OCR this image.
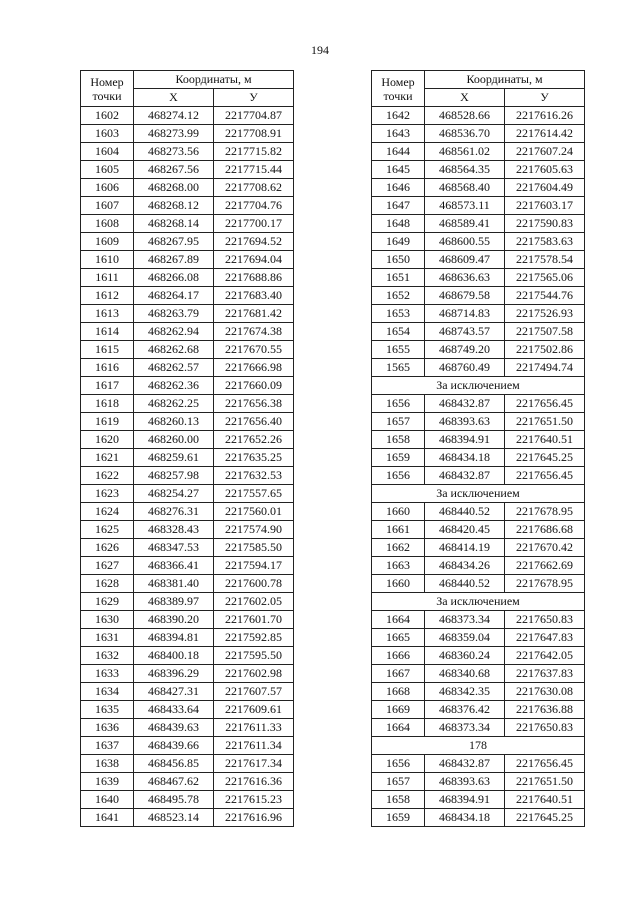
194
Номер
точки	Координаты, м	
	Х	У
1602	468274.12	2217704.87
1603	468273.99	2217708.91
1604	468273.56	2217715.82
1605	468267.56	2217715.44
1606	468268.00	2217708.62
1607	468268.12	2217704.76
1608	468268.14	2217700.17
1609	468267.95	2217694.52
1610	468267.89	2217694.04
1611	468266.08	2217688.86
1612	468264.17	2217683.40
1613	468263.79	2217681.42
1614	468262.94	2217674.38
1615	468262.68	2217670.55
1616	468262.57	2217666.98
1617	468262.36	2217660.09
1618	468262.25	2217656.38
1619	468260.13	2217656.40
1620	468260.00	2217652.26
1621	468259.61	2217635.25
1622	468257.98	2217632.53
1623	468254.27	2217557.65
1624	468276.31	2217560.01
1625	468328.43	2217574.90
1626	468347.53	2217585.50
1627	468366.41	2217594.17
1628	468381.40	2217600.78
1629	468389.97	2217602.05
1630	468390.20	2217601.70
1631	468394.81	2217592.85
1632	468400.18	2217595.50
1633	468396.29	2217602.98
1634	468427.31	2217607.57
1635	468433.64	2217609.61
1636	468439.63	2217611.33
1637	468439.66	2217611.34
1638	468456.85	2217617.34
1639	468467.62	2217616.36
1640	468495.78	2217615.23
1641	468523.14	2217616.96
Номер
точки	Координаты, м	
	Х	У
1642	468528.66	2217616.26
1643	468536.70	2217614.42
1644	468561.02	2217607.24
1645	468564.35	2217605.63
1646	468568.40	2217604.49
1647	468573.11	2217603.17
1648	468589.41	2217590.83
1649	468600.55	2217583.63
1650	468609.47	2217578.54
1651	468636.63	2217565.06
1652	468679.58	2217544.76
1653	468714.83	2217526.93
1654	468743.57	2217507.58
1655	468749.20	2217502.86
1565	468760.49	2217494.74
За исключением		
1656	468432.87	2217656.45
1657	468393.63	2217651.50
1658	468394.91	2217640.51
1659	468434.18	2217645.25
1656	468432.87	2217656.45
За исключением		
1660	468440.52	2217678.95
1661	468420.45	2217686.68
1662	468414.19	2217670.42
1663	468434.26	2217662.69
1660	468440.52	2217678.95
За исключением		
1664	468373.34	2217650.83
1665	468359.04	2217647.83
1666	468360.24	2217642.05
1667	468340.68	2217637.83
1668	468342.35	2217630.08
1669	468376.42	2217636.88
1664	468373.34	2217650.83
178		
1656	468432.87	2217656.45
1657	468393.63	2217651.50
1658	468394.91	2217640.51
1659	468434.18	2217645.25
